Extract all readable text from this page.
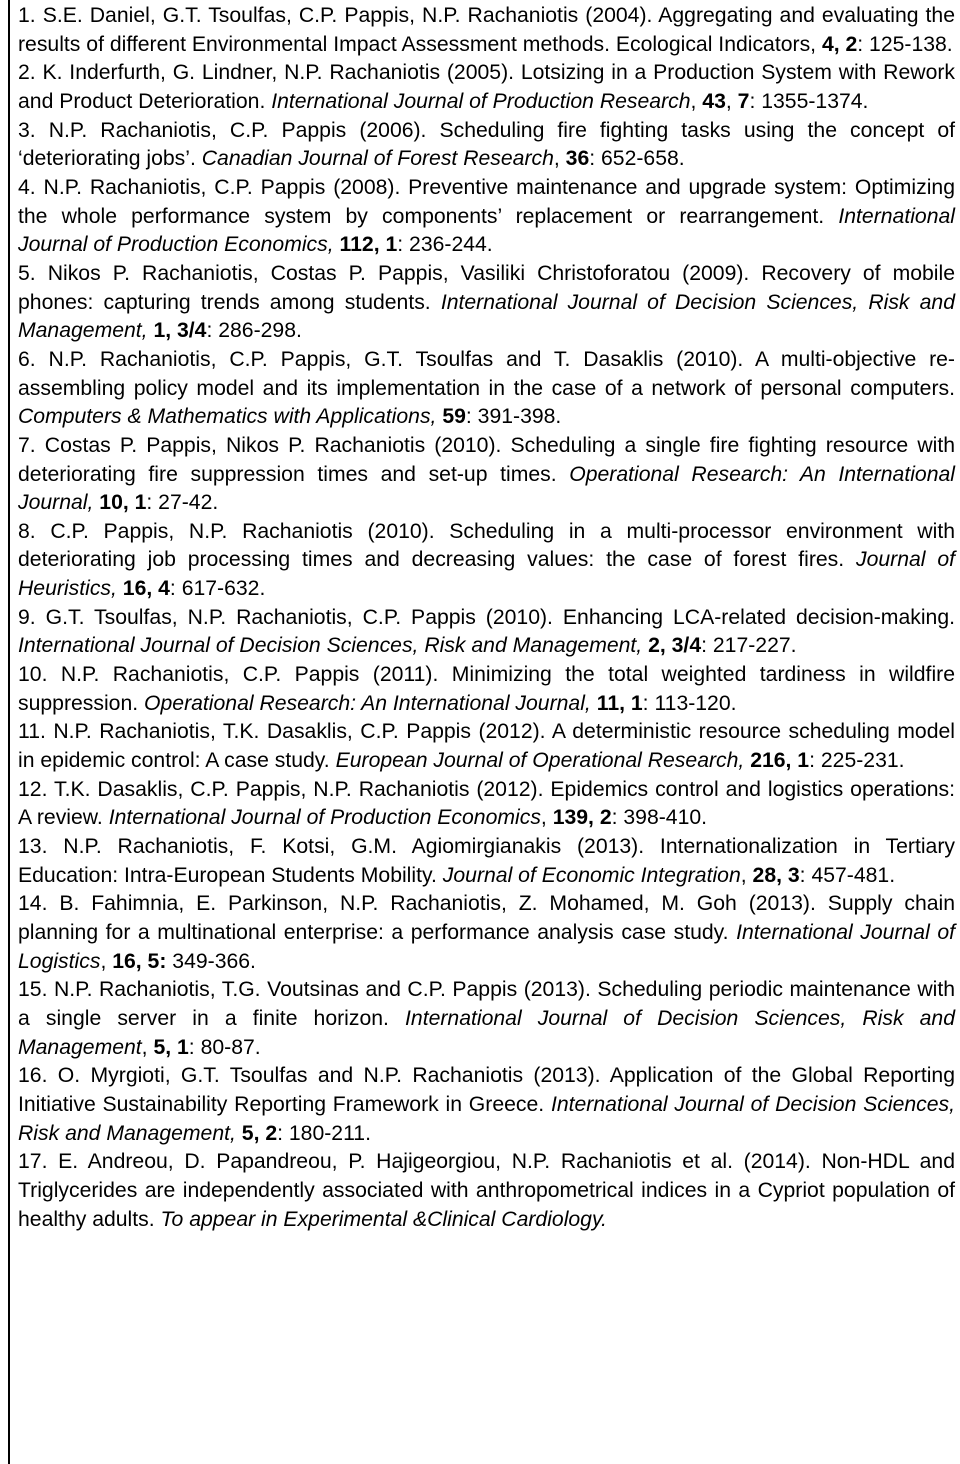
1. S.E. Daniel, G.T. Tsoulfas, C.P. Pappis, N.P. Rachaniotis (2004). Aggregating and evaluating the results of different Environmental Impact Assessment methods. Ecological Indicators, 4, 2: 125-138.

2. K. Inderfurth, G. Lindner, N.P. Rachaniotis (2005). Lotsizing in a Production System with Rework and Product Deterioration. International Journal of Production Research, 43, 7: 1355-1374.

3. N.P. Rachaniotis, C.P. Pappis (2006). Scheduling fire fighting tasks using the concept of ‘deteriorating jobs’. Canadian Journal of Forest Research, 36: 652-658.

4. N.P. Rachaniotis, C.P. Pappis (2008). Preventive maintenance and upgrade system: Optimizing the whole performance system by components’ replacement or rearrangement. International Journal of Production Economics, 112, 1: 236-244.

5. Nikos P. Rachaniotis, Costas P. Pappis, Vasiliki Christoforatou (2009). Recovery of mobile phones: capturing trends among students. International Journal of Decision Sciences, Risk and Management, 1, 3/4: 286-298.

6. N.P. Rachaniotis, C.P. Pappis, G.T. Tsoulfas and T. Dasaklis (2010). A multi-objective re-assembling policy model and its implementation in the case of a network of personal computers. Computers & Mathematics with Applications, 59: 391-398.

7. Costas P. Pappis, Nikos P. Rachaniotis (2010). Scheduling a single fire fighting resource with deteriorating fire suppression times and set-up times. Operational Research: An International Journal, 10, 1: 27-42.

8. C.P. Pappis, N.P. Rachaniotis (2010). Scheduling in a multi-processor environment with deteriorating job processing times and decreasing values: the case of forest fires. Journal of Heuristics, 16, 4: 617-632.

9. G.T. Tsoulfas, N.P. Rachaniotis, C.P. Pappis (2010). Enhancing LCA-related decision-making. International Journal of Decision Sciences, Risk and Management, 2, 3/4: 217-227.

10. N.P. Rachaniotis, C.P. Pappis (2011). Minimizing the total weighted tardiness in wildfire suppression. Operational Research: An International Journal, 11, 1: 113-120.

11. N.P. Rachaniotis, T.K. Dasaklis, C.P. Pappis (2012). A deterministic resource scheduling model in epidemic control: A case study. European Journal of Operational Research, 216, 1: 225-231.

12. T.K. Dasaklis, C.P. Pappis, N.P. Rachaniotis (2012). Epidemics control and logistics operations: A review. International Journal of Production Economics, 139, 2: 398-410.

13. N.P. Rachaniotis, F. Kotsi, G.M. Agiomirgianakis (2013). Internationalization in Tertiary Education: Intra-European Students Mobility. Journal of Economic Integration, 28, 3: 457-481.

14. B. Fahimnia, E. Parkinson, N.P. Rachaniotis, Z. Mohamed, M. Goh (2013). Supply chain planning for a multinational enterprise: a performance analysis case study. International Journal of Logistics, 16, 5: 349-366.

15. N.P. Rachaniotis, T.G. Voutsinas and C.P. Pappis (2013). Scheduling periodic maintenance with a single server in a finite horizon. International Journal of Decision Sciences, Risk and Management, 5, 1: 80-87.

16. O. Myrgioti, G.T. Tsoulfas and N.P. Rachaniotis (2013). Application of the Global Reporting Initiative Sustainability Reporting Framework in Greece. International Journal of Decision Sciences, Risk and Management, 5, 2: 180-211.

17. E. Andreou, D. Papandreou, P. Hajigeorgiou, N.P. Rachaniotis et al. (2014). Non-HDL and Triglycerides are independently associated with anthropometrical indices in a Cypriot population of healthy adults. To appear in Experimental &Clinical Cardiology.
